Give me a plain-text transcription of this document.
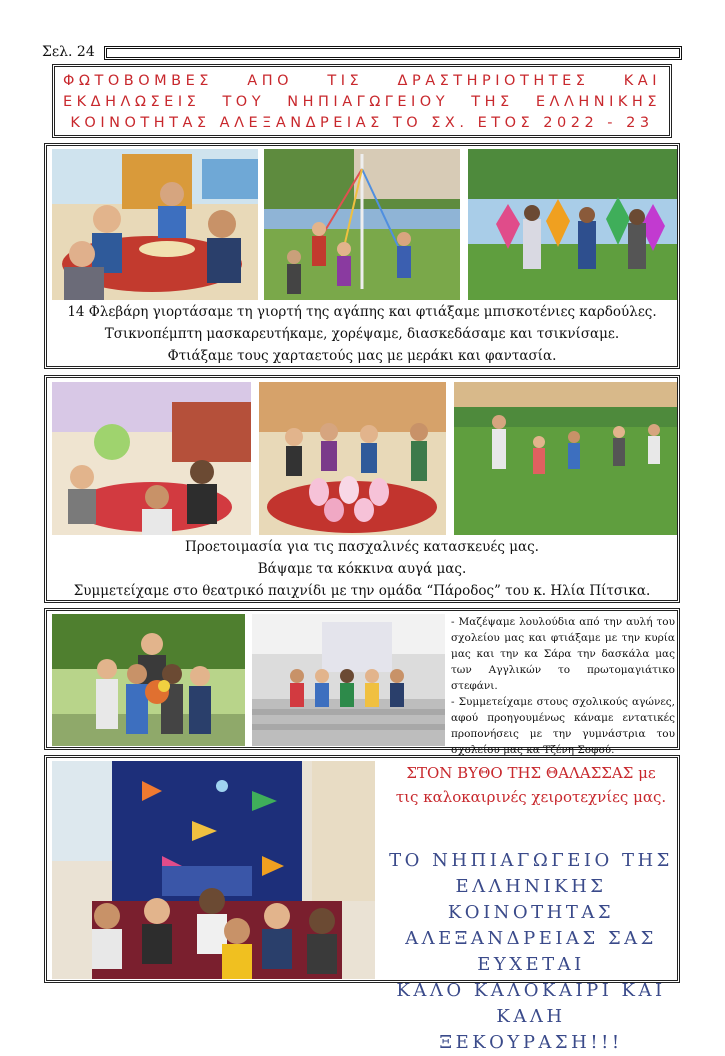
Σελ. 24
ΦΩΤΟΒΟΜΒΕΣ ΑΠΟ ΤΙΣ ΔΡΑΣΤΗΡΙΟΤΗΤΕΣ ΚΑΙ ΕΚΔΗΛΩΣΕΙΣ ΤΟΥ ΝΗΠΙΑΓΩΓΕΙΟΥ ΤΗΣ ΕΛΛΗΝΙΚΗΣ ΚΟΙΝΟΤΗΤΑΣ ΑΛΕΞΑΝΔΡΕΙΑΣ ΤΟ ΣΧ. ΕΤΟΣ 2022 - 23
14 Φλεβάρη γιορτάσαμε τη γιορτή της αγάπης και φτιάξαμε μπισκοτένιες καρδούλες.
Τσικνοπέμπτη μασκαρευτήκαμε, χορέψαμε, διασκεδάσαμε και τσικνίσαμε.
Φτιάξαμε τους χαρταετούς μας με μεράκι και φαντασία.
Προετοιμασία για τις πασχαλινές κατασκευές μας.
Βάψαμε τα κόκκινα αυγά μας.
Συμμετείχαμε στο θεατρικό παιχνίδι με την ομάδα “Πάροδος” του κ. Ηλία Πίτσικα.

- Μαζέψαμε λουλούδια από την αυλή του σχολείου μας και φτιάξαμε με την κυρία μας και την κα Σάρα την δασκάλα μας των Αγγλικών το πρωτομαγιάτικο στεφάνι.

- Συμμετείχαμε στους σχολικούς αγώνες, αφού προηγουμένως κάναμε εντατικές προπονήσεις με την γυμνάστρια του σχολείου μας κα Τζένη Σοφού.

ΣΤΟΝ ΒΥΘΟ ΤΗΣ ΘΑΛΑΣΣΑΣ με
τις καλοκαιρινές χειροτεχνίες μας.
ΤΟ ΝΗΠΙΑΓΩΓΕΙΟ ΤΗΣ
ΕΛΛΗΝΙΚΗΣ ΚΟΙΝΟΤΗΤΑΣ
ΑΛΕΞΑΝΔΡΕΙΑΣ ΣΑΣ ΕΥΧΕΤΑΙ
ΚΑΛΟ ΚΑΛΟΚΑΙΡΙ ΚΑΙ ΚΑΛΗ
ΞΕΚΟΥΡΑΣΗ!!!
